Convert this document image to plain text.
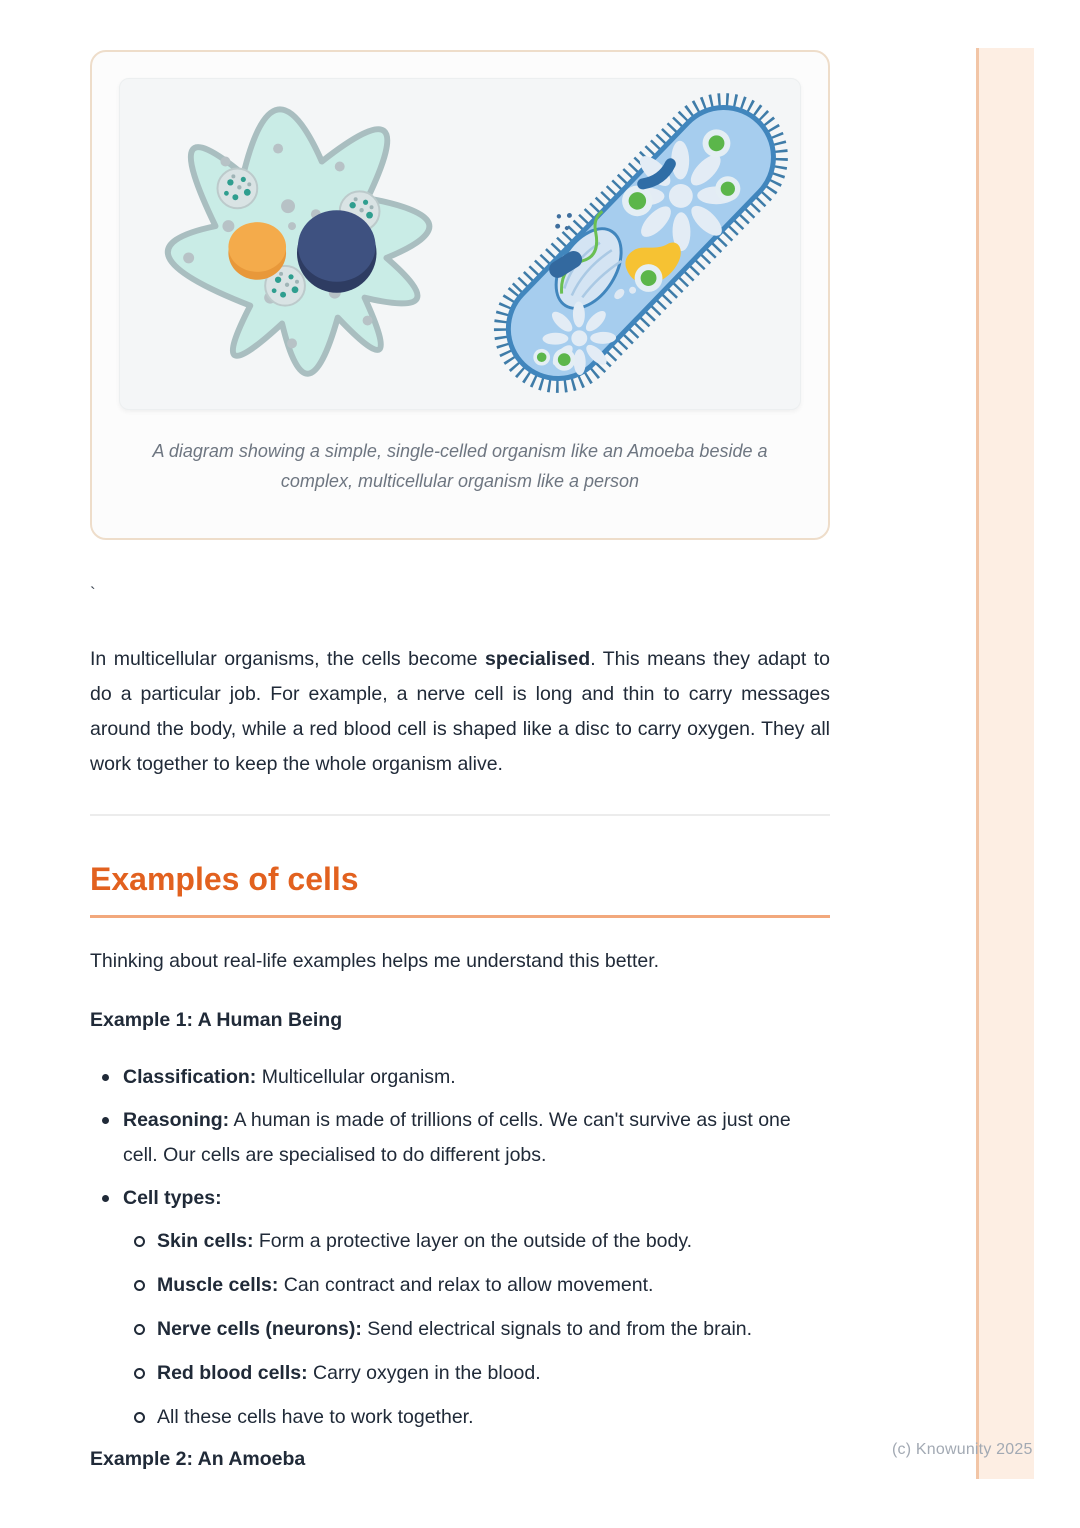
(c) Knowunity 2025
A diagram showing a simple, single-celled organism like an Amoeba beside a complex, multicellular organism like a person
`

In multicellular organisms, the cells become specialised. This means they adapt to do a particular job. For example, a nerve cell is long and thin to carry messages around the body, while a red blood cell is shaped like a disc to carry oxygen. They all work together to keep the whole organism alive.

Examples of cells

Thinking about real-life examples helps me understand this better.

Example 1: A Human Being
Classification: Multicellular organism.
Reasoning: A human is made of trillions of cells. We can't survive as just one cell. Our cells are specialised to do different jobs.
Cell types:
Skin cells: Form a protective layer on the outside of the body.
Muscle cells: Can contract and relax to allow movement.
Nerve cells (neurons): Send electrical signals to and from the brain.
Red blood cells: Carry oxygen in the blood.
All these cells have to work together.
Example 2: An Amoeba
